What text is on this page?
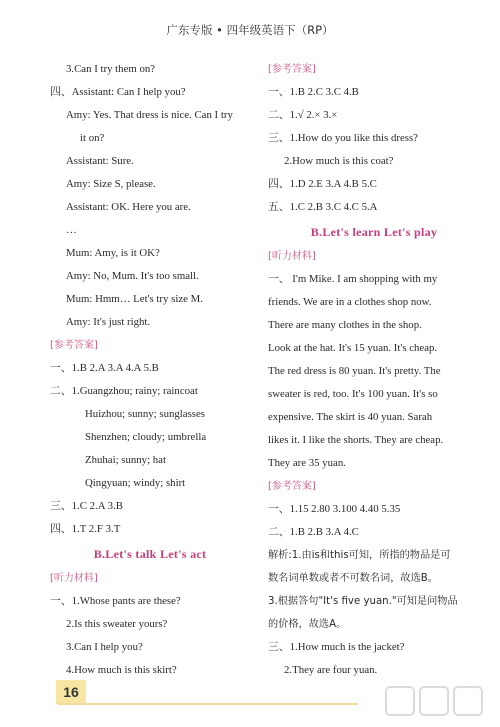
广东专版 • 四年级英语下（RP）
3.Can I try them on?
四、Assistant: Can I help you?
Amy: Yes. That dress is nice. Can I try
it on?
Assistant: Sure.
Amy: Size S, please.
Assistant: OK. Here you are.
…
Mum: Amy, is it OK?
Amy: No, Mum. It's too small.
Mum: Hmm… Let's try size M.
Amy: It's just right.
[参考答案]
一、1.B 2.A 3.A 4.A 5.B
二、1.Guangzhou; rainy; raincoat
Huizhou; sunny; sunglasses
Shenzhen; cloudy; umbrella
Zhuhai; sunny; hat
Qingyuan; windy; shirt
三、1.C 2.A 3.B
四、1.T 2.F 3.T
B.Let's talk Let's act
[听力材料]
一、1.Whose pants are these?
2.Is this sweater yours?
3.Can I help you?
4.How much is this skirt?
[参考答案]
一、1.B 2.C 3.C 4.B
二、1.√ 2.× 3.×
三、1.How do you like this dress?
2.How much is this coat?
四、1.D 2.E 3.A 4.B 5.C
五、1.C 2.B 3.C 4.C 5.A
B.Let's learn Let's play
[听力材料]
一、 I'm Mike. I am shopping with my
friends. We are in a clothes shop now.
There are many clothes in the shop.
Look at the hat. It's 15 yuan. It's cheap.
The red dress is 80 yuan. It's pretty. The
sweater is red, too. It's 100 yuan. It's so
expensive. The skirt is 40 yuan. Sarah
likes it. I like the shorts. They are cheap.
They are 35 yuan.
[参考答案]
一、1.15 2.80 3.100 4.40 5.35
二、1.B 2.B 3.A 4.C
解析:1.由is和this可知，所指的物品是可
数名词单数或者不可数名词，故选B。
3.根据答句"It's five yuan."可知是问物品
的价格，故选A。
三、1.How much is the jacket?
2.They are four yuan.
16
